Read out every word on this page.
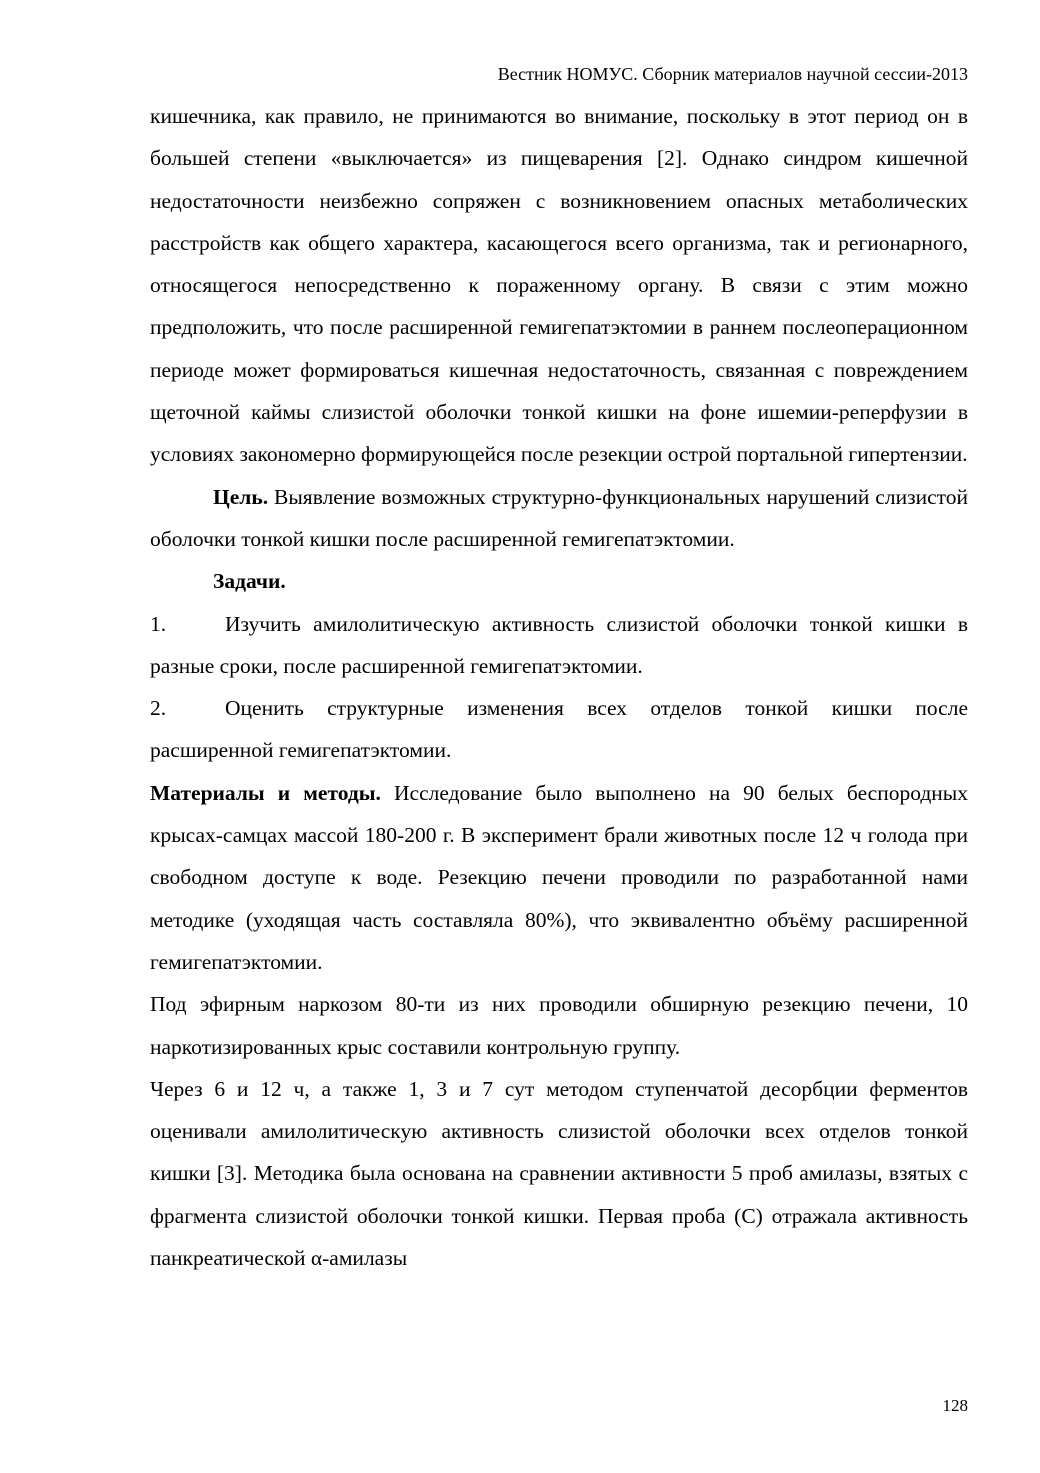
Вестник НОМУС. Сборник материалов научной сессии-2013

кишечника, как правило, не принимаются во внимание, поскольку в этот период он в большей степени «выключается» из пищеварения [2]. Однако синдром кишечной недостаточности неизбежно сопряжен с возникновением опасных метаболических расстройств как общего характера, касающегося всего организма, так и регионарного, относящегося непосредственно к пораженному органу. В связи с этим можно предположить, что после расширенной гемигепатэктомии в раннем послеоперационном периоде может формироваться кишечная недостаточность, связанная с повреждением щеточной каймы слизистой оболочки тонкой кишки на фоне ишемии-реперфузии в условиях закономерно формирующейся после резекции острой портальной гипертензии.

Цель. Выявление возможных структурно-функциональных нарушений слизистой оболочки тонкой кишки после расширенной гемигепатэктомии.

Задачи.

1.	Изучить амилолитическую активность слизистой оболочки тонкой кишки в разные сроки, после расширенной гемигепатэктомии.

2.	Оценить структурные изменения всех отделов тонкой кишки после расширенной гемигепатэктомии.

Материалы и методы. Исследование было выполнено на 90 белых беспородных крысах-самцах массой 180-200 г. В эксперимент брали животных после 12 ч голода при свободном доступе к воде. Резекцию печени проводили по разработанной нами методике (уходящая часть составляла 80%), что эквивалентно объёму расширенной гемигепатэктомии.

Под эфирным наркозом 80-ти из них проводили обширную резекцию печени, 10 наркотизированных крыс составили контрольную группу.

Через 6 и 12 ч, а также 1, 3 и 7 сут методом ступенчатой десорбции ферментов оценивали амилолитическую активность слизистой оболочки всех отделов тонкой кишки [3]. Методика была основана на сравнении активности 5 проб амилазы, взятых с фрагмента слизистой оболочки тонкой кишки. Первая проба (С) отражала активность панкреатической α-амилазы

128
